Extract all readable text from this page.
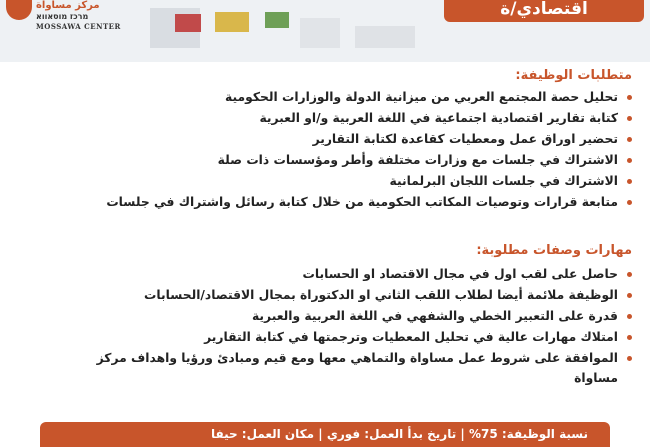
مركز مساواة
מרכז מוסאווא
MOSSAWA CENTER
اقتصادي/ة
متطلبات الوظيفة:
تحليل حصة المجتمع العربي من ميزانية الدولة والوزارات الحكومية
كتابة تقارير اقتصادية اجتماعية في اللغة العربية و/او العبرية
تحضير اوراق عمل ومعطيات كقاعدة لكتابة التقارير
الاشتراك في جلسات مع وزارات مختلفة وأطر ومؤسسات ذات صلة
الاشتراك في جلسات اللجان البرلمانية
متابعة قرارات وتوصيات المكاتب الحكومية من خلال كتابة رسائل واشتراك في جلسات
مهارات وصفات مطلوبة:
حاصل على لقب اول في مجال الاقتصاد او الحسابات
الوظيفة ملائمة أيضا لطلاب اللقب الثاني او الدكتوراة بمجال الاقتصاد/الحسابات
قدرة على التعبير الخطي والشفهي في اللغة العربية والعبرية
امتلاك مهارات عالية في تحليل المعطيات وترجمتها في كتابة التقارير
الموافقة على شروط عمل مساواة والتماهي معها ومع قيم ومبادئ ورؤيا واهداف مركز مساواة
نسبة الوظيفة: 75% | تاريخ بدأ العمل: فوري | مكان العمل: حيفا
